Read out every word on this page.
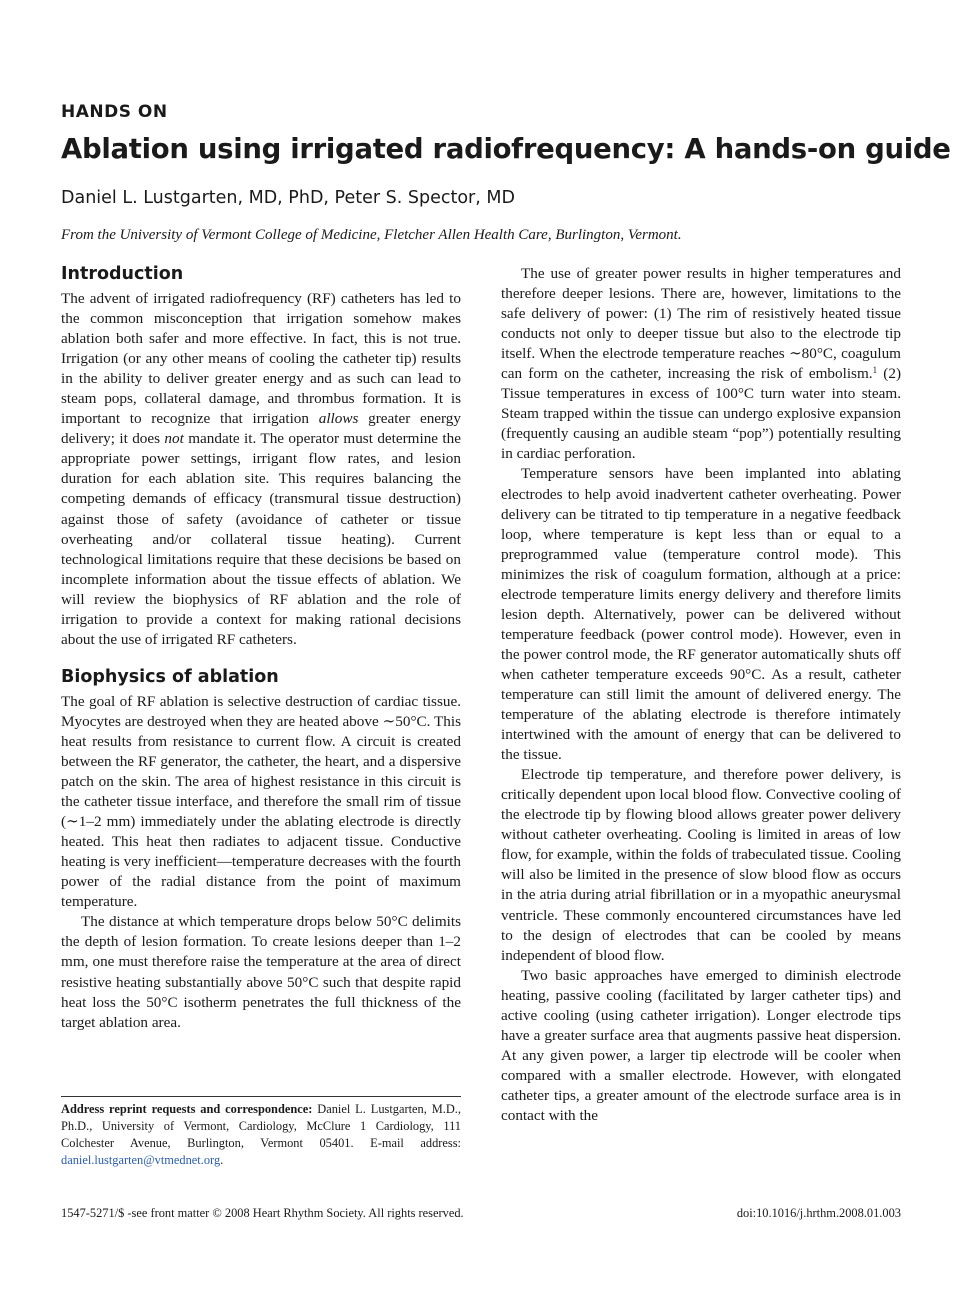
HANDS ON

Ablation using irrigated radiofrequency: A hands-on guide

Daniel L. Lustgarten, MD, PhD, Peter S. Spector, MD

From the University of Vermont College of Medicine, Fletcher Allen Health Care, Burlington, Vermont.

Introduction

The advent of irrigated radiofrequency (RF) catheters has led to the common misconception that irrigation somehow makes ablation both safer and more effective. In fact, this is not true. Irrigation (or any other means of cooling the catheter tip) results in the ability to deliver greater energy and as such can lead to steam pops, collateral damage, and thrombus formation. It is important to recognize that irrigation allows greater energy delivery; it does not mandate it. The operator must determine the appropriate power settings, irrigant flow rates, and lesion duration for each ablation site. This requires balancing the competing demands of efficacy (transmural tissue destruction) against those of safety (avoidance of catheter or tissue overheating and/or collateral tissue heating). Current technological limitations require that these decisions be based on incomplete information about the tissue effects of ablation. We will review the biophysics of RF ablation and the role of irrigation to provide a context for making rational decisions about the use of irrigated RF catheters.

Biophysics of ablation

The goal of RF ablation is selective destruction of cardiac tissue. Myocytes are destroyed when they are heated above ∼50°C. This heat results from resistance to current flow. A circuit is created between the RF generator, the catheter, the heart, and a dispersive patch on the skin. The area of highest resistance in this circuit is the catheter tissue interface, and therefore the small rim of tissue (∼1–2 mm) immediately under the ablating electrode is directly heated. This heat then radiates to adjacent tissue. Conductive heating is very inefficient—temperature decreases with the fourth power of the radial distance from the point of maximum temperature.

The distance at which temperature drops below 50°C delimits the depth of lesion formation. To create lesions deeper than 1–2 mm, one must therefore raise the temperature at the area of direct resistive heating substantially above 50°C such that despite rapid heat loss the 50°C isotherm penetrates the full thickness of the target ablation area.

The use of greater power results in higher temperatures and therefore deeper lesions. There are, however, limitations to the safe delivery of power: (1) The rim of resistively heated tissue conducts not only to deeper tissue but also to the electrode tip itself. When the electrode temperature reaches ∼80°C, coagulum can form on the catheter, increasing the risk of embolism.$^1$ (2) Tissue temperatures in excess of 100°C turn water into steam. Steam trapped within the tissue can undergo explosive expansion (frequently causing an audible steam “pop”) potentially resulting in cardiac perforation.

Temperature sensors have been implanted into ablating electrodes to help avoid inadvertent catheter overheating. Power delivery can be titrated to tip temperature in a negative feedback loop, where temperature is kept less than or equal to a preprogrammed value (temperature control mode). This minimizes the risk of coagulum formation, although at a price: electrode temperature limits energy delivery and therefore limits lesion depth. Alternatively, power can be delivered without temperature feedback (power control mode). However, even in the power control mode, the RF generator automatically shuts off when catheter temperature exceeds 90°C. As a result, catheter temperature can still limit the amount of delivered energy. The temperature of the ablating electrode is therefore intimately intertwined with the amount of energy that can be delivered to the tissue.

Electrode tip temperature, and therefore power delivery, is critically dependent upon local blood flow. Convective cooling of the electrode tip by flowing blood allows greater power delivery without catheter overheating. Cooling is limited in areas of low flow, for example, within the folds of trabeculated tissue. Cooling will also be limited in the presence of slow blood flow as occurs in the atria during atrial fibrillation or in a myopathic aneurysmal ventricle. These commonly encountered circumstances have led to the design of electrodes that can be cooled by means independent of blood flow.

Two basic approaches have emerged to diminish electrode heating, passive cooling (facilitated by larger catheter tips) and active cooling (using catheter irrigation). Longer electrode tips have a greater surface area that augments passive heat dispersion. At any given power, a larger tip electrode will be cooler when compared with a smaller electrode. However, with elongated catheter tips, a greater amount of the electrode surface area is in contact with the

Address reprint requests and correspondence: Daniel L. Lustgarten, M.D., Ph.D., University of Vermont, Cardiology, McClure 1 Cardiology, 111 Colchester Avenue, Burlington, Vermont 05401. E-mail address: daniel.lustgarten@vtmednet.org.

1547-5271/$ -see front matter © 2008 Heart Rhythm Society. All rights reserved.	doi:10.1016/j.hrthm.2008.01.003
